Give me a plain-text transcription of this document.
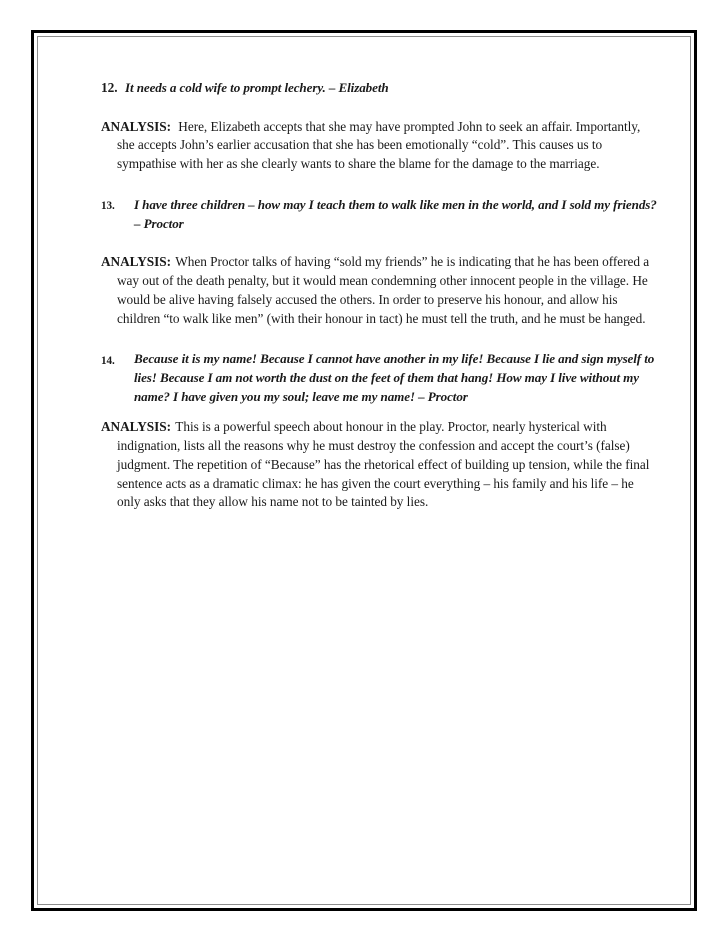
12. It needs a cold wife to prompt lechery. – Elizabeth

ANALYSIS: Here, Elizabeth accepts that she may have prompted John to seek an affair. Importantly, she accepts John’s earlier accusation that she has been emotionally “cold”. This causes us to sympathise with her as she clearly wants to share the blame for the damage to the marriage.

13.	I have three children – how may I teach them to walk like men in the world, and I sold my friends? – Proctor

ANALYSIS: When Proctor talks of having “sold my friends” he is indicating that he has been offered a way out of the death penalty, but it would mean condemning other innocent people in the village. He would be alive having falsely accused the others. In order to preserve his honour, and allow his children “to walk like men” (with their honour in tact) he must tell the truth, and he must be hanged.

14.	Because it is my name! Because I cannot have another in my life! Because I lie and sign myself to lies! Because I am not worth the dust on the feet of them that hang! How may I live without my name? I have given you my soul; leave me my name! – Proctor

ANALYSIS: This is a powerful speech about honour in the play. Proctor, nearly hysterical with indignation, lists all the reasons why he must destroy the confession and accept the court’s (false) judgment. The repetition of “Because” has the rhetorical effect of building up tension, while the final sentence acts as a dramatic climax: he has given the court everything – his family and his life – he only asks that they allow his name not to be tainted by lies.
